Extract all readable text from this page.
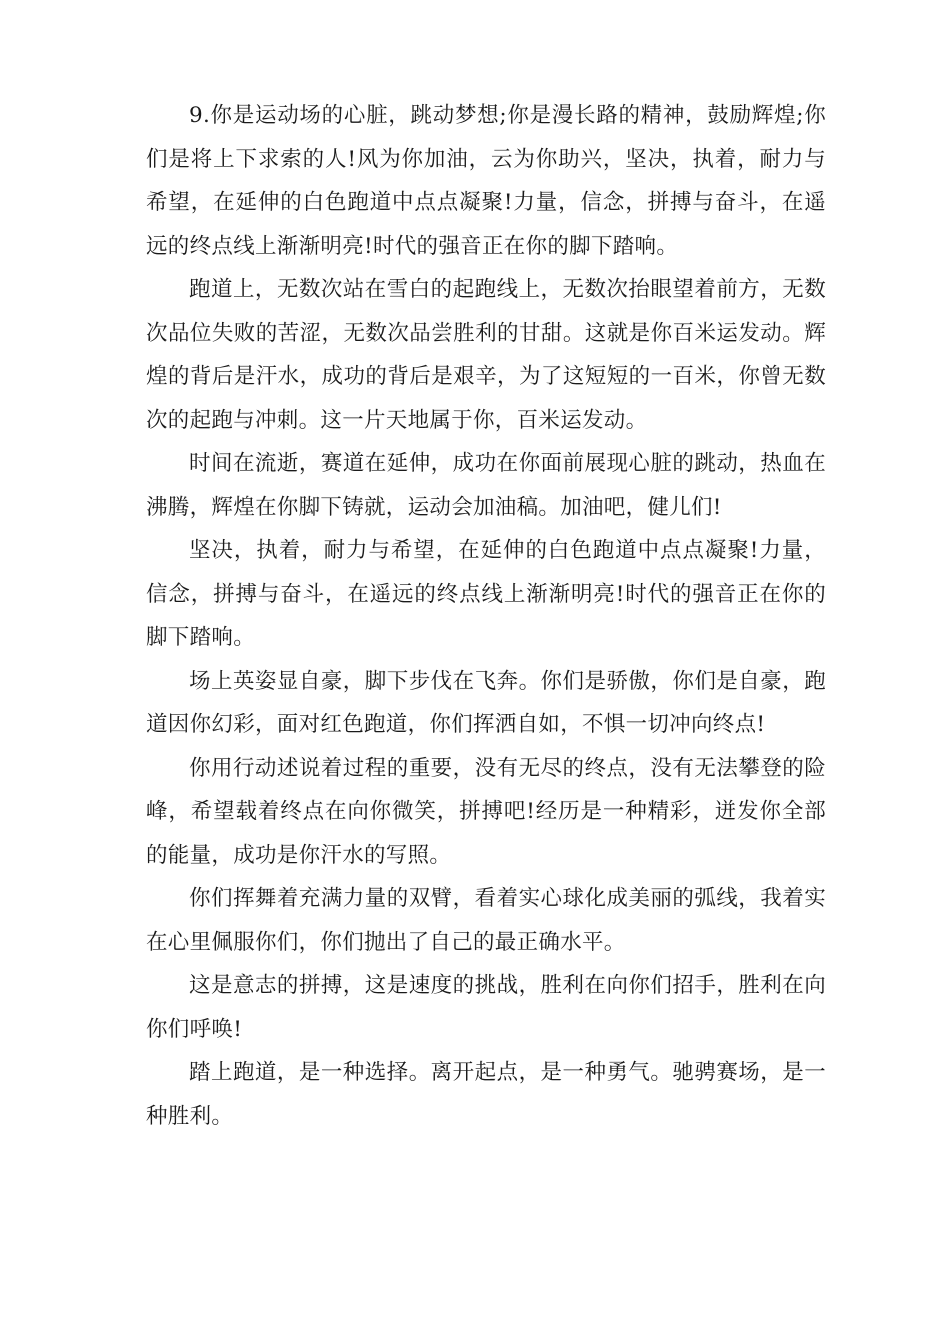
9.你是运动场的心脏，跳动梦想;你是漫长路的精神，鼓励辉煌;你们是将上下求索的人!风为你加油，云为你助兴，坚决，执着，耐力与希望，在延伸的白色跑道中点点凝聚!力量，信念，拼搏与奋斗，在遥远的终点线上渐渐明亮!时代的强音正在你的脚下踏响。

跑道上，无数次站在雪白的起跑线上，无数次抬眼望着前方，无数次品位失败的苦涩，无数次品尝胜利的甘甜。这就是你百米运发动。辉煌的背后是汗水，成功的背后是艰辛，为了这短短的一百米，你曾无数次的起跑与冲刺。这一片天地属于你，百米运发动。

时间在流逝，赛道在延伸，成功在你面前展现心脏的跳动，热血在沸腾，辉煌在你脚下铸就，运动会加油稿。加油吧，健儿们!

坚决，执着，耐力与希望，在延伸的白色跑道中点点凝聚!力量，信念，拼搏与奋斗，在遥远的终点线上渐渐明亮!时代的强音正在你的脚下踏响。

场上英姿显自豪，脚下步伐在飞奔。你们是骄傲，你们是自豪，跑道因你幻彩，面对红色跑道，你们挥洒自如，不惧一切冲向终点!

你用行动述说着过程的重要，没有无尽的终点，没有无法攀登的险峰，希望载着终点在向你微笑，拼搏吧!经历是一种精彩，迸发你全部的能量，成功是你汗水的写照。

你们挥舞着充满力量的双臂，看着实心球化成美丽的弧线，我着实在心里佩服你们，你们抛出了自己的最正确水平。

这是意志的拼搏，这是速度的挑战，胜利在向你们招手，胜利在向你们呼唤!

踏上跑道，是一种选择。离开起点，是一种勇气。驰骋赛场，是一种胜利。
